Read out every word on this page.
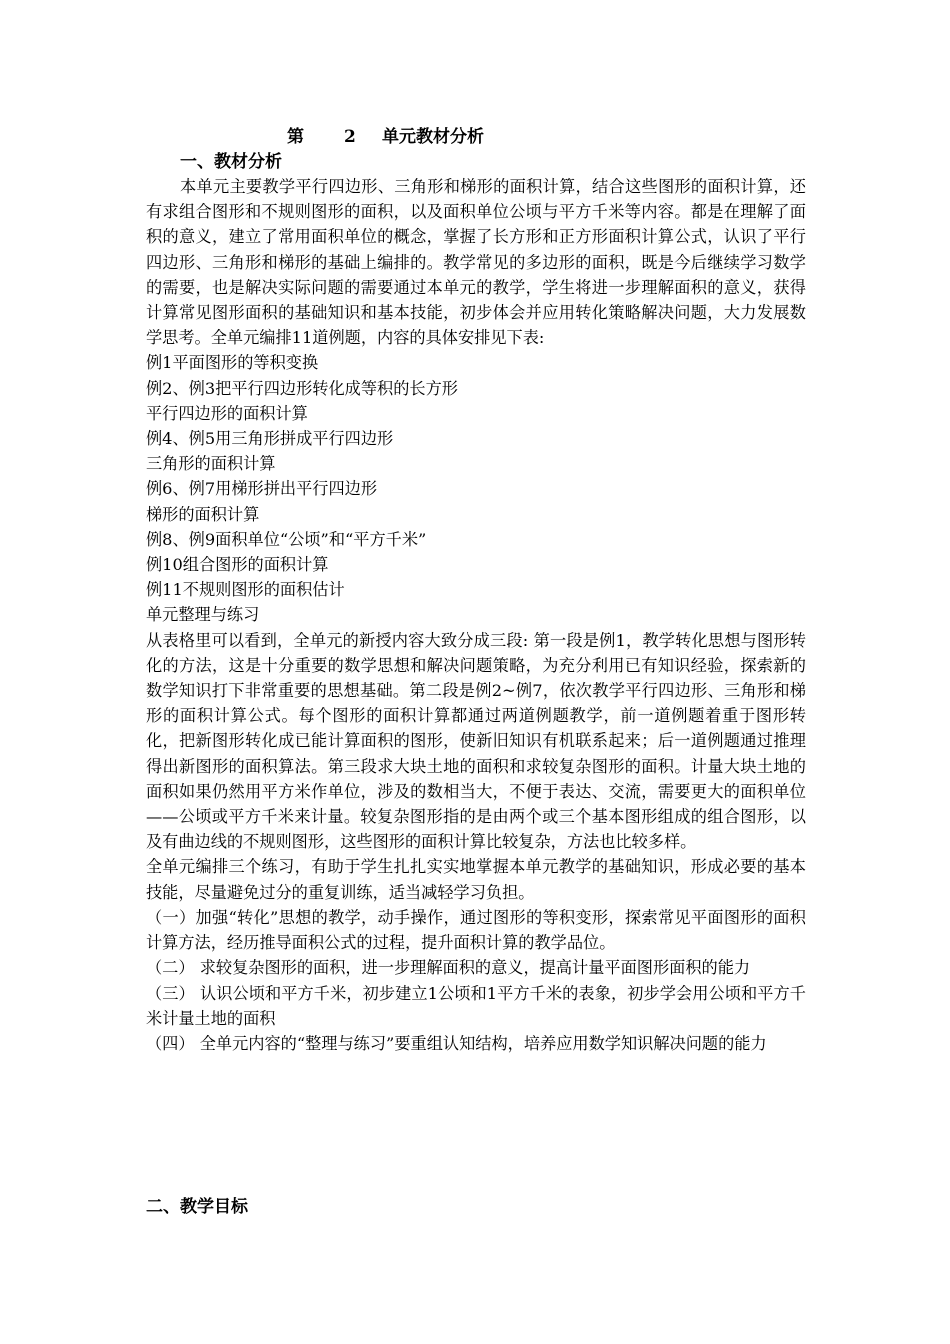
第 2 单元教材分析
一、教材分析

本单元主要教学平行四边形、三角形和梯形的面积计算，结合这些图形的面积计算，还有求组合图形和不规则图形的面积，以及面积单位公顷与平方千米等内容。都是在理解了面积的意义，建立了常用面积单位的概念，掌握了长方形和正方形面积计算公式，认识了平行四边形、三角形和梯形的基础上编排的。教学常见的多边形的面积，既是今后继续学习数学的需要，也是解决实际问题的需要通过本单元的教学，学生将进一步理解面积的意义，获得计算常见图形面积的基础知识和基本技能，初步体会并应用转化策略解决问题，大力发展数学思考。全单元编排11道例题，内容的具体安排见下表:

例1平面图形的等积变换

例2、例3把平行四边形转化成等积的长方形

平行四边形的面积计算

例4、例5用三角形拼成平行四边形

三角形的面积计算

例6、例7用梯形拼出平行四边形

梯形的面积计算

例8、例9面积单位“公顷”和“平方千米”

例10组合图形的面积计算

例11不规则图形的面积估计

单元整理与练习

从表格里可以看到，全单元的新授内容大致分成三段: 第一段是例1，教学转化思想与图形转化的方法，这是十分重要的数学思想和解决问题策略，为充分利用已有知识经验，探索新的数学知识打下非常重要的思想基础。第二段是例2~例7，依次教学平行四边形、三角形和梯形的面积计算公式。每个图形的面积计算都通过两道例题教学，前一道例题着重于图形转化，把新图形转化成已能计算面积的图形，使新旧知识有机联系起来；后一道例题通过推理得出新图形的面积算法。第三段求大块土地的面积和求较复杂图形的面积。计量大块土地的面积如果仍然用平方米作单位，涉及的数相当大，不便于表达、交流，需要更大的面积单位——公顷或平方千米来计量。较复杂图形指的是由两个或三个基本图形组成的组合图形，以及有曲边线的不规则图形，这些图形的面积计算比较复杂，方法也比较多样。

全单元编排三个练习，有助于学生扎扎实实地掌握本单元教学的基础知识，形成必要的基本技能，尽量避免过分的重复训练，适当减轻学习负担。

（一）加强“转化”思想的教学，动手操作，通过图形的等积变形，探索常见平面图形的面积计算方法，经历推导面积公式的过程，提升面积计算的教学品位。

（二） 求较复杂图形的面积，进一步理解面积的意义，提高计量平面图形面积的能力

（三） 认识公顷和平方千米，初步建立1公顷和1平方千米的表象，初步学会用公顷和平方千米计量土地的面积

（四） 全单元内容的“整理与练习”要重组认知结构，培养应用数学知识解决问题的能力

二、教学目标
